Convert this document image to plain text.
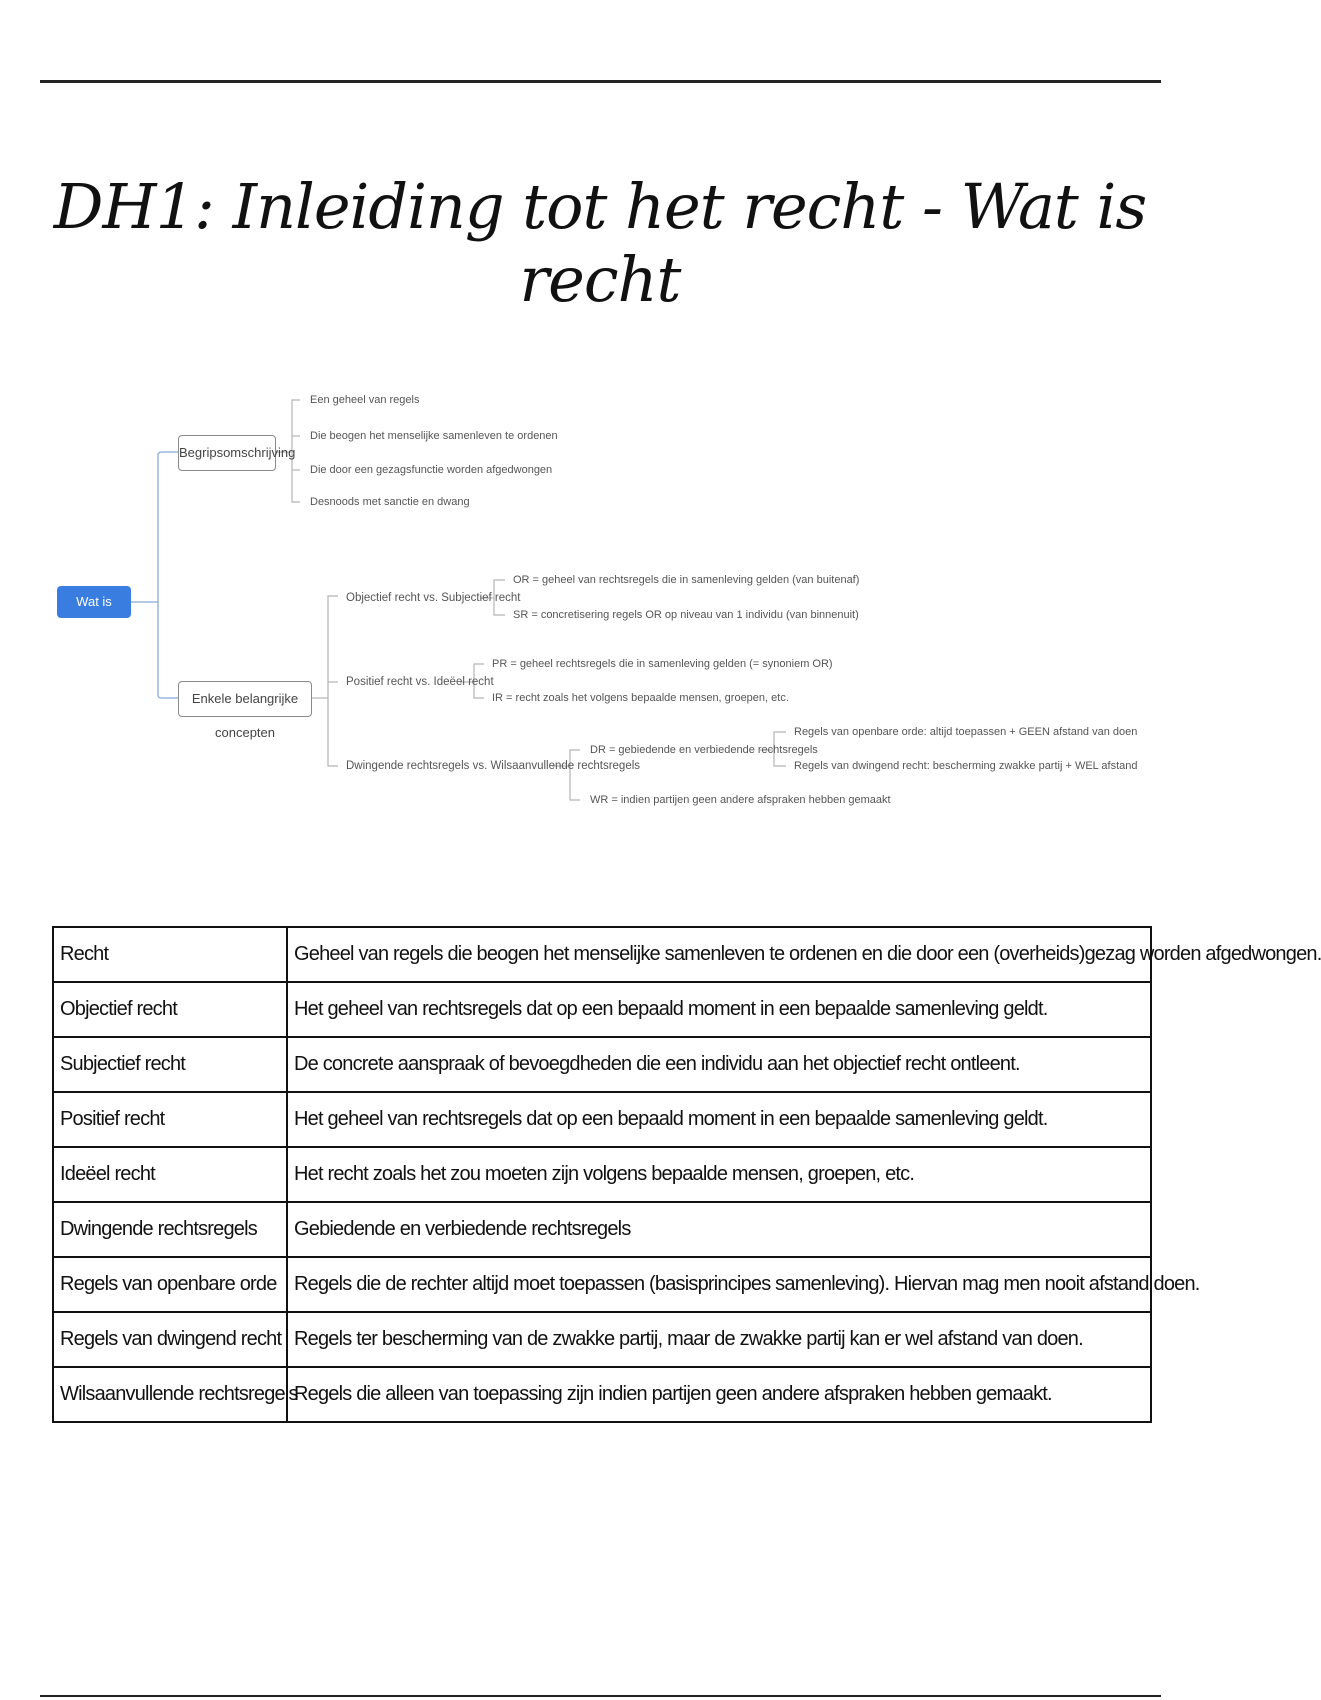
DH1: Inleiding tot het recht - Wat is recht
Wat is recht?
Begripsomschrijving
Een geheel van regels
Die beogen het menselijke samenleven te ordenen
Die door een gezagsfunctie worden afgedwongen
Desnoods met sanctie en dwang
Enkele belangrijke concepten
Objectief recht vs. Subjectief recht
OR = geheel van rechtsregels die in samenleving gelden (van buitenaf)
SR = concretisering regels OR op niveau van 1 individu (van binnenuit)
Positief recht vs. Ideëel recht
PR = geheel rechtsregels die in samenleving gelden (= synoniem OR)
IR = recht zoals het volgens bepaalde mensen, groepen, etc.
Dwingende rechtsregels vs. Wilsaanvullende rechtsregels
DR = gebiedende en verbiedende rechtsregels
Regels van openbare orde: altijd toepassen + GEEN afstand van doen
Regels van dwingend recht: bescherming zwakke partij + WEL afstand
WR = indien partijen geen andere afspraken hebben gemaakt
Recht	Geheel van regels die beogen het menselijke samenleven te ordenen en die door een (overheids)gezag worden afgedwongen.
Objectief recht	Het geheel van rechtsregels dat op een bepaald moment in een bepaalde samenleving geldt.
Subjectief recht	De concrete aanspraak of bevoegdheden die een individu aan het objectief recht ontleent.
Positief recht	Het geheel van rechtsregels dat op een bepaald moment in een bepaalde samenleving geldt.
Ideëel recht	Het recht zoals het zou moeten zijn volgens bepaalde mensen, groepen, etc.
Dwingende rechtsregels	Gebiedende en verbiedende rechtsregels
Regels van openbare orde	Regels die de rechter altijd moet toepassen (basisprincipes samenleving). Hiervan mag men nooit afstand doen.
Regels van dwingend recht	Regels ter bescherming van de zwakke partij, maar de zwakke partij kan er wel afstand van doen.
Wilsaanvullende rechtsregels	Regels die alleen van toepassing zijn indien partijen geen andere afspraken hebben gemaakt.
